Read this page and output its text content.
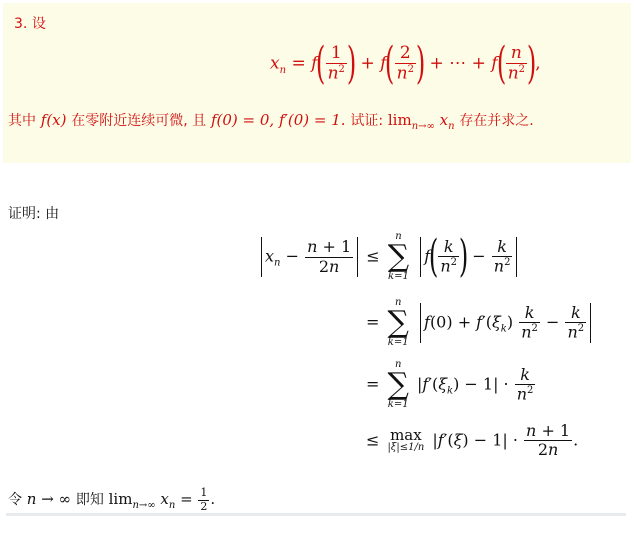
3. 设
$x_n = f( \frac{1}{n^2}$ ) + $f( \frac{2}{n^2}$ ) + ⋯ + $f( \frac{n}{n^2}$ ),
其中 f(x) 在零附近连续可微, 且 f(0) = 0, f′(0) = 1. 试证: $\lim_{n\to\infty} x_n$ 存在并求之.
证明: 由
$x_n - \frac{n + 1}{2n}$ ≤
n
∑
k=1
$f( \frac{k}{n^2}$ ) − $\frac{k}{n^2}$
=
n
∑
k=1
$f(0) + f'(\xi_k) \frac{k}{n^2} - \frac{k}{n^2}$
=
n
∑
k=1
$|f'(\xi_k) - 1| \cdot \frac{k}{n^2}$
≤ max
|ξ|≤1/n $|f'(\xi) - 1| \cdot \frac{n + 1}{2n}$ .
令 n → ∞ 即知 $\lim_{n\to\infty} x_n = \frac{1}{2}$ .
